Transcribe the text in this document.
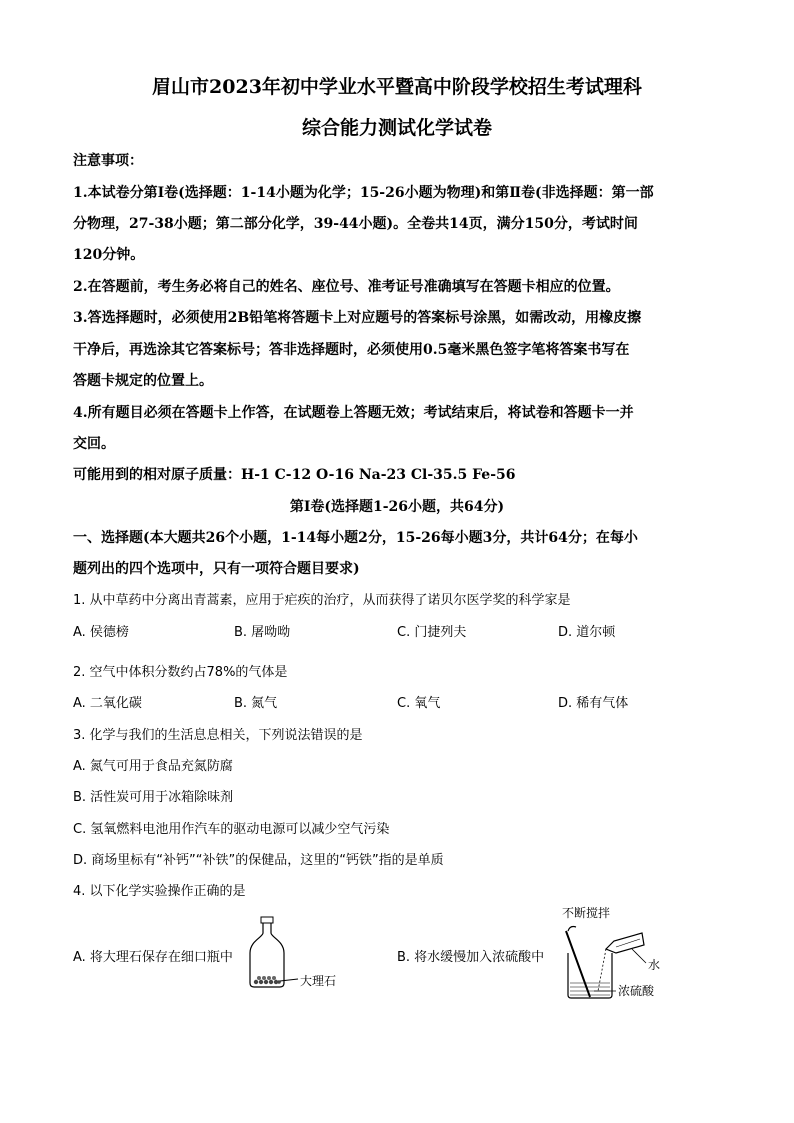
眉山市2023年初中学业水平暨高中阶段学校招生考试理科
综合能力测试化学试卷
注意事项：
1.本试卷分第Ⅰ卷(选择题：1-14小题为化学；15-26小题为物理)和第Ⅱ卷(非选择题：第一部
分物理，27-38小题；第二部分化学，39-44小题)。全卷共14页，满分150分，考试时间
120分钟。
2.在答题前，考生务必将自己的姓名、座位号、准考证号准确填写在答题卡相应的位置。
3.答选择题时，必须使用2B铅笔将答题卡上对应题号的答案标号涂黑，如需改动，用橡皮擦
干净后，再选涂其它答案标号；答非选择题时，必须使用0.5毫米黑色签字笔将答案书写在
答题卡规定的位置上。
4.所有题目必须在答题卡上作答，在试题卷上答题无效；考试结束后，将试卷和答题卡一并
交回。
可能用到的相对原子质量：H-1 C-12 O-16 Na-23 Cl-35.5 Fe-56
第Ⅰ卷(选择题1-26小题，共64分)
一、选择题(本大题共26个小题，1-14每小题2分，15-26每小题3分，共计64分；在每小
题列出的四个选项中，只有一项符合题目要求)
1. 从中草药中分离出青蒿素，应用于疟疾的治疗，从而获得了诺贝尔医学奖的科学家是
A. 侯德榜	B. 屠呦呦	C. 门捷列夫	D. 道尔顿
2. 空气中体积分数约占78%的气体是
A. 二氧化碳	B. 氮气	C. 氧气	D. 稀有气体
3. 化学与我们的生活息息相关，下列说法错误的是
A. 氮气可用于食品充氮防腐
B. 活性炭可用于冰箱除味剂
C. 氢氧燃料电池用作汽车的驱动电源可以减少空气污染
D. 商场里标有“补钙”“补铁”的保健品，这里的“钙铁”指的是单质
4. 以下化学实验操作正确的是
A. 将大理石保存在细口瓶中	B. 将水缓慢加入浓硫酸中
大理石
不断搅拌
水
浓硫酸
